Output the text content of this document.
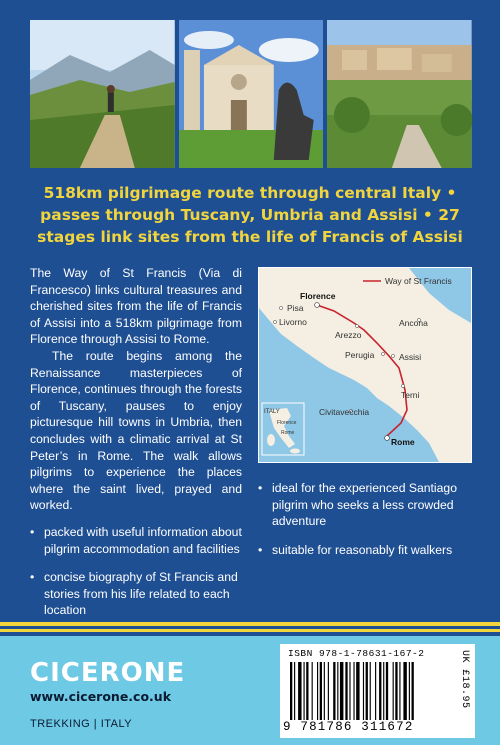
518km pilgrimage route through central Italy • passes through Tuscany, Umbria and Assisi • 27 stages link sites from the life of Francis of Assisi

The Way of St Francis (Via di Francesco) links cultural treasures and cherished sites from the life of Francis of Assisi into a 518km pilgrimage from Florence through Assisi to Rome.

The route begins among the Renaissance masterpieces of Florence, continues through the forests of Tuscany, pauses to enjoy picturesque hill towns in Umbria, then concludes with a climatic arrival at St Peter’s in Rome. The walk allows pilgrims to experience the places where the saint lived, prayed and worked.

• packed with useful information about pilgrim accommodation and facilities
• concise biography of St Francis and stories from his life related to each location
Way of St Francis
Florence
Pisa
Livorno
Arezzo
Ancona
Perugia	Assisi
Terni
Civitavecchia
Rome
ITALY
Florence
Rome
• ideal for the experienced Santiago pilgrim who seeks a less crowded adventure
• suitable for reasonably fit walkers
CICERONE
www.cicerone.co.uk
TREKKING | ITALY
ISBN 978-1-78631-167-2
9 781786 311672
UK £18.95
